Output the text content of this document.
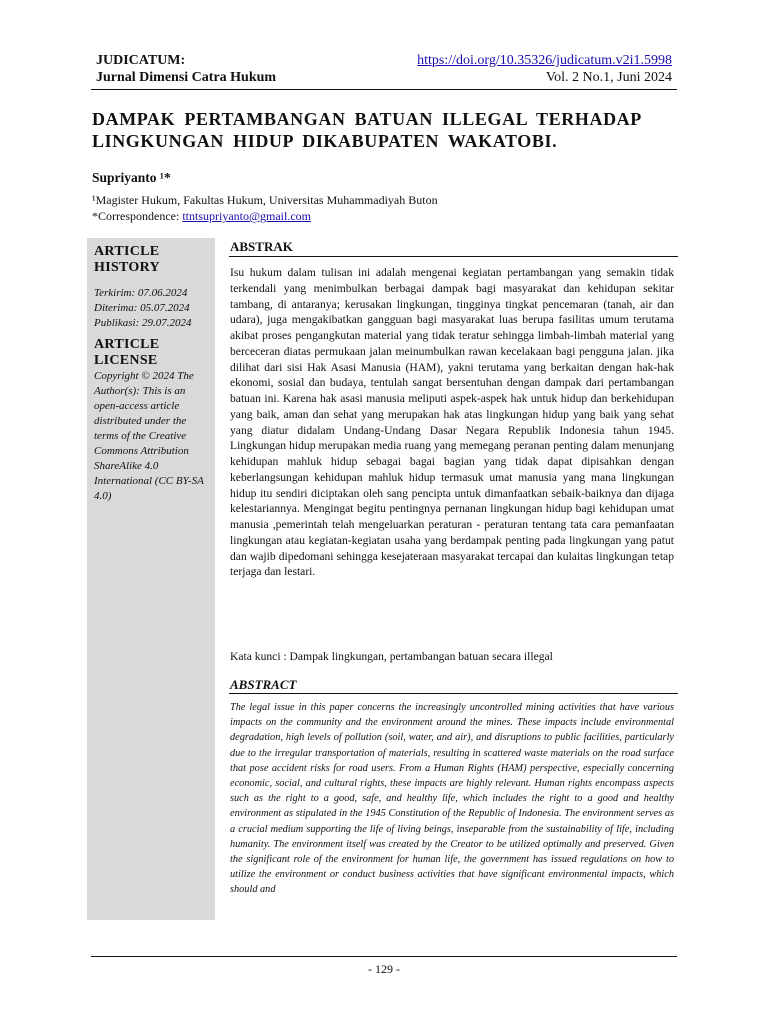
JUDICATUM:
Jurnal Dimensi Catra Hukum
https://doi.org/10.35326/judicatum.v2i1.5998
Vol. 2 No.1, Juni 2024
DAMPAK PERTAMBANGAN BATUAN ILLEGAL TERHADAP
LINGKUNGAN HIDUP DIKABUPATEN WAKATOBI.
Supriyanto ¹*
¹Magister Hukum, Fakultas Hukum, Universitas Muhammadiyah Buton
*Correspondence: ttntsupriyanto@gmail.com
ARTICLE
HISTORY
Terkirim: 07.06.2024
Diterima: 05.07.2024
Publikasi: 29.07.2024
ARTICLE
LICENSE
Copyright © 2024 The Author(s): This is an open-access article distributed under the terms of the Creative Commons Attribution ShareAlike 4.0 International (CC BY-SA 4.0)
ABSTRAK
Isu hukum dalam tulisan ini adalah mengenai kegiatan pertambangan yang semakin tidak terkendali yang menimbulkan berbagai dampak bagi masyarakat dan kehidupan sekitar tambang, di antaranya; kerusakan lingkungan, tingginya tingkat pencemaran (tanah, air dan udara), juga mengakibatkan gangguan bagi masyarakat luas berupa fasilitas umum terutama akibat proses pengangkutan material yang tidak teratur sehingga limbah-limbah material yang berceceran diatas permukaan jalan meinumbulkan rawan kecelakaan bagi pengguna jalan. jika dilihat dari sisi Hak Asasi Manusia (HAM), yakni terutama yang berkaitan dengan hak-hak ekonomi, sosial dan budaya, tentulah sangat bersentuhan dengan dampak dari pertambangan batuan ini. Karena hak asasi manusia meliputi aspek-aspek hak untuk hidup dan berkehidupan yang baik, aman dan sehat yang merupakan hak atas lingkungan hidup yang baik yang sehat yang diatur didalam Undang-Undang Dasar Negara Republik Indonesia tahun 1945. Lingkungan hidup merupakan media ruang yang memegang peranan penting dalam menunjang kehidupan mahluk hidup sebagai bagai bagian yang tidak dapat dipisahkan dengan keberlangsungan kehidupan mahluk hidup termasuk umat manusia yang mana lingkungan hidup itu sendiri diciptakan oleh sang pencipta untuk dimanfaatkan sebaik-baiknya dan dijaga kelestariannya. Mengingat begitu pentingnya pernanan lingkungan hidup bagi kehidupan umat manusia ,pemerintah telah mengeluarkan peraturan - peraturan tentang tata cara pemanfaatan lingkungan atau kegiatan-kegiatan usaha yang berdampak penting pada lingkungan yang patut dan wajib dipedomani sehingga kesejateraan masyarakat tercapai dan kulaitas lingkungan tetap terjaga dan lestari.
Kata kunci : Dampak lingkungan, pertambangan batuan secara illegal
ABSTRACT
The legal issue in this paper concerns the increasingly uncontrolled mining activities that have various impacts on the community and the environment around the mines. These impacts include environmental degradation, high levels of pollution (soil, water, and air), and disruptions to public facilities, particularly due to the irregular transportation of materials, resulting in scattered waste materials on the road surface that pose accident risks for road users. From a Human Rights (HAM) perspective, especially concerning economic, social, and cultural rights, these impacts are highly relevant. Human rights encompass aspects such as the right to a good, safe, and healthy life, which includes the right to a good and healthy environment as stipulated in the 1945 Constitution of the Republic of Indonesia. The environment serves as a crucial medium supporting the life of living beings, inseparable from the sustainability of life, including humanity. The environment itself was created by the Creator to be utilized optimally and preserved. Given the significant role of the environment for human life, the government has issued regulations on how to utilize the environment or conduct business activities that have significant environmental impacts, which should and
- 129 -
